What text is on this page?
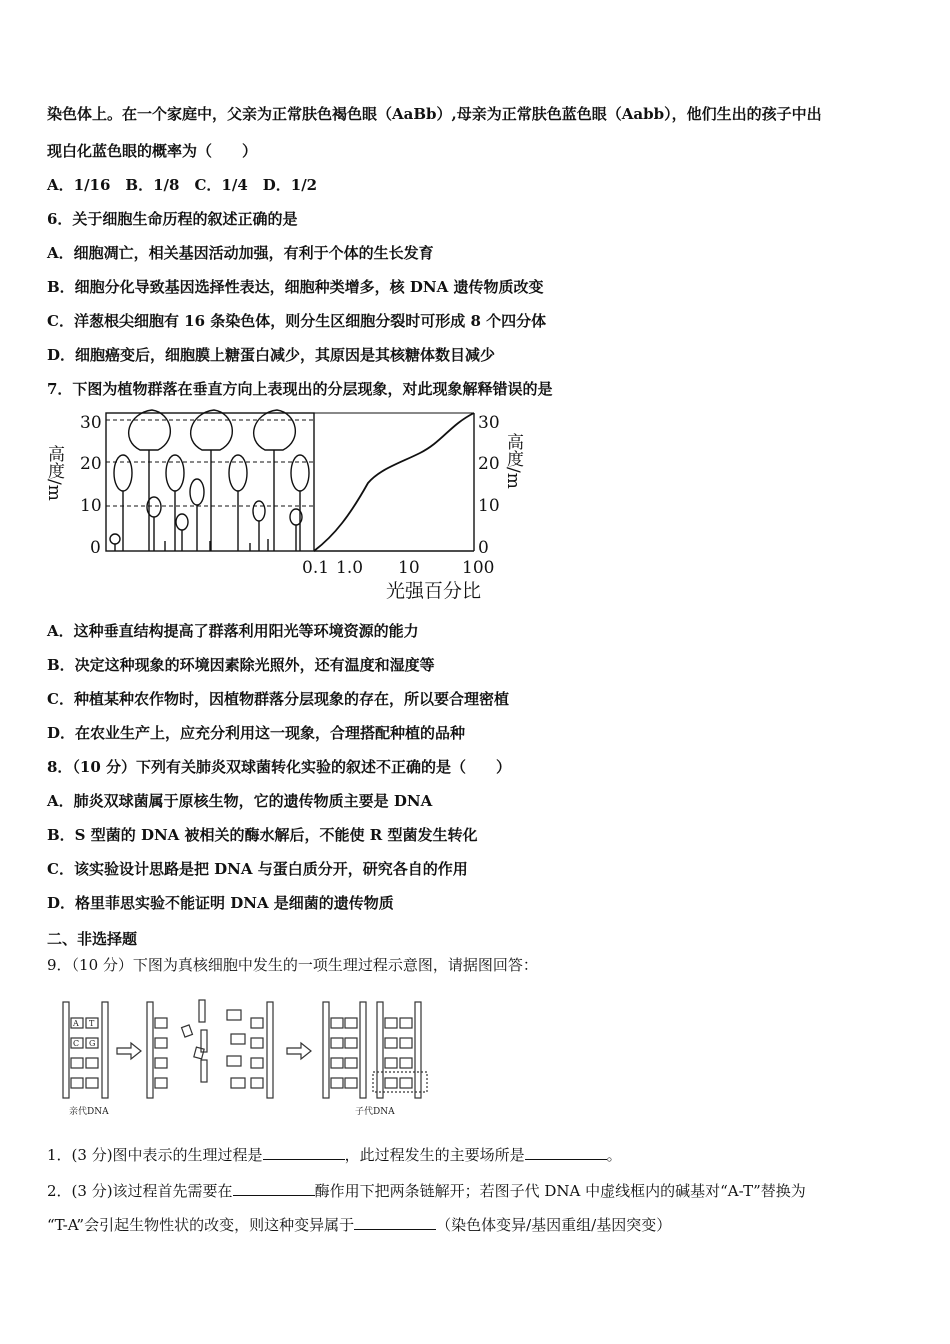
染色体上。在一个家庭中，父亲为正常肤色褐色眼（AaBb）,母亲为正常肤色蓝色眼（Aabb），他们生出的孩子中出
现白化蓝色眼的概率为（　　）
A．1/16　B．1/8　C．1/4　D．1/2
6．关于细胞生命历程的叙述正确的是
A．细胞凋亡，相关基因活动加强，有利于个体的生长发育
B．细胞分化导致基因选择性表达，细胞种类增多，核 DNA 遗传物质改变
C．洋葱根尖细胞有 16 条染色体，则分生区细胞分裂时可形成 8 个四分体
D．细胞癌变后，细胞膜上糖蛋白减少，其原因是其核糖体数目减少
7．下图为植物群落在垂直方向上表现出的分层现象，对此现象解释错误的是
高度/m	高度/m
30
20
10
0
30
20
10
0
0.1 1.0 10 100
光强百分比
A．这种垂直结构提高了群落利用阳光等环境资源的能力
B．决定这种现象的环境因素除光照外，还有温度和湿度等
C．种植某种农作物时，因植物群落分层现象的存在，所以要合理密植
D．在农业生产上，应充分利用这一现象，合理搭配种植的品种
8．（10 分）下列有关肺炎双球菌转化实验的叙述不正确的是（　　）
A．肺炎双球菌属于原核生物，它的遗传物质主要是 DNA
B．S 型菌的 DNA 被相关的酶水解后，不能使 R 型菌发生转化
C．该实验设计思路是把 DNA 与蛋白质分开，研究各自的作用
D．格里菲思实验不能证明 DNA 是细菌的遗传物质
二、非选择题
9．（10 分）下图为真核细胞中发生的一项生理过程示意图，请据图回答：
A T
C G
亲代DNA	子代DNA
1．(3 分)图中表示的生理过程是	，此过程发生的主要场所是	。
2．(3 分)该过程首先需要在	酶作用下把两条链解开；若图子代 DNA 中虚线框内的碱基对“A-T”替换为
“T-A”会引起生物性状的改变，则这种变异属于	（染色体变异/基因重组/基因突变）
